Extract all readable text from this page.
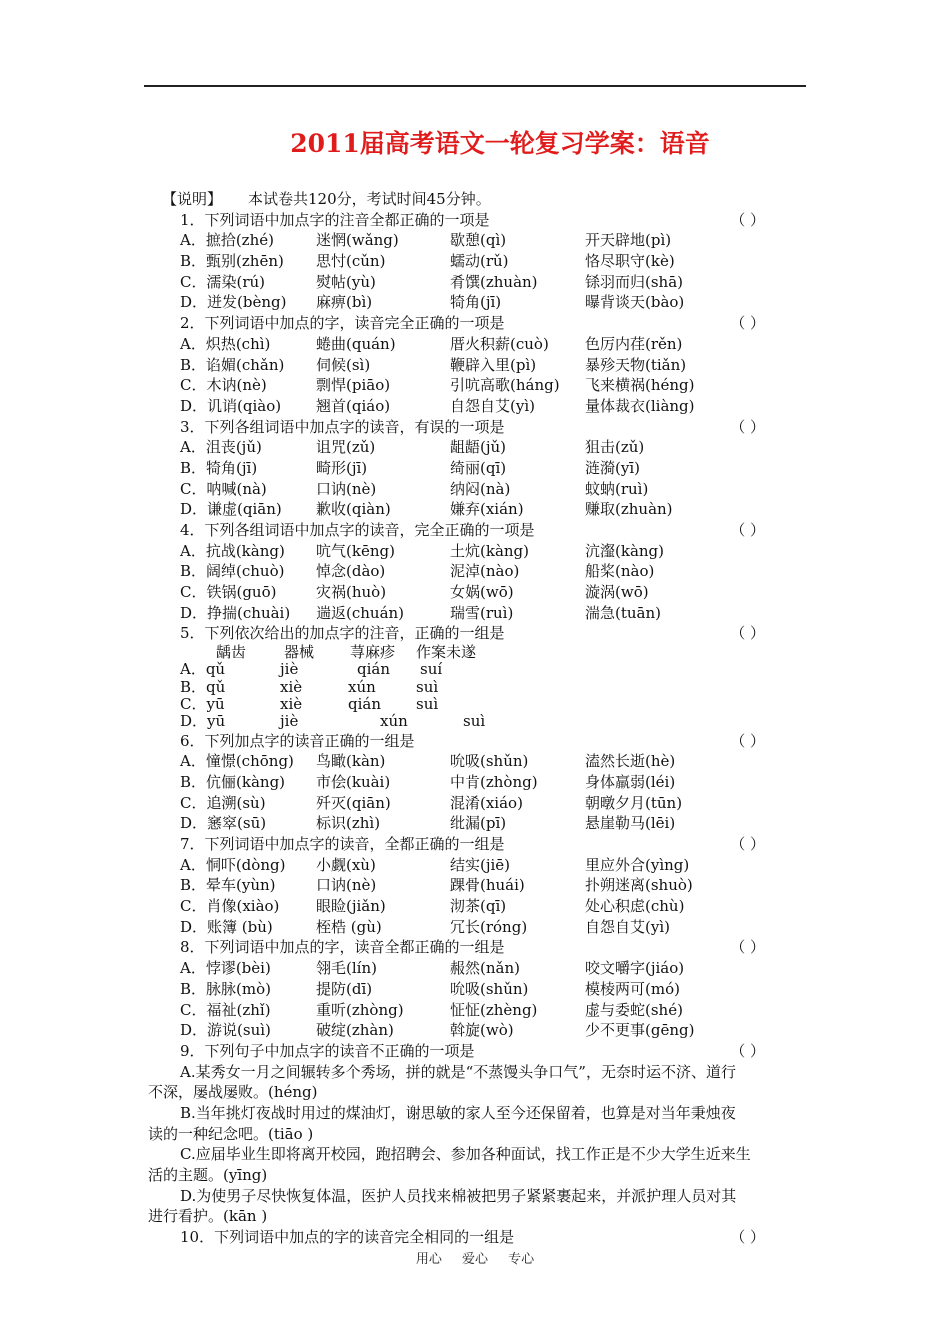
2011届高考语文一轮复习学案：语音
【说明】 本试卷共120分，考试时间45分钟。
1．下列词语中加点字的注音全都正确的一项是	（ ）
A．摭拾(zhé)	迷惘(wǎng)	歇憩(qì)	开天辟地(pì)
B．甄别(zhēn) 思忖(cǔn)	蠕动(rǔ)	恪尽职守(kè)
C．濡染(rú)	熨帖(yù)	肴馔(zhuàn)	铩羽而归(shā)
D．迸发(bèng) 麻痹(bì)	犄角(jī)	曝背谈天(bào)
2．下列词语中加点的字，读音完全正确的一项是	（ ）
A．炽热(chì)	蜷曲(quán)	厝火积薪(cuò) 色厉内荏(rěn)
B．谄媚(chǎn) 伺候(sì)	鞭辟入里(pì)	暴殄天物(tiǎn)
C．木讷(nè)	剽悍(piāo)	引吭高歌(háng) 飞来横祸(héng)
D．讥诮(qiào) 翘首(qiáo)	自怨自艾(yì)	量体裁衣(liàng)
3．下列各组词语中加点字的读音，有误的一项是	（ ）
A．沮丧(jǔ)	诅咒(zǔ)	龃龉(jǔ)	狙击(zǔ)
B．犄角(jī)	畸形(jī)	绮丽(qī)	涟漪(yī)
C．呐喊(nà)	口讷(nè)	纳闷(nà)	蚊蚋(ruì)
D．谦虚(qiān) 歉收(qiàn)	嫌弃(xián)	赚取(zhuàn)
4．下列各组词语中加点字的读音，完全正确的一项是	（ ）
A．抗战(kàng) 吭气(kēng)	土炕(kàng)	沆瀣(kàng)
B．阔绰(chuò) 悼念(dào)	泥淖(nào)	船桨(nào)
C．铁锅(guō)	灾祸(huò)	女娲(wō)	漩涡(wō)
D．挣揣(chuài) 遄返(chuán)	瑞雪(ruì)	湍急(tuān)
5．下列依次给出的加点字的注音，正确的一组是	（ ）
龋齿	器械 荨麻疹 作案未遂
A．qǔ	jiè	qián suí
B．qǔ	xiè	xún	suì
C．yū	xiè	qián suì
D．yū	jiè	xún	suì
6．下列加点字的读音正确的一组是	（ ）
A．憧憬(chōng) 鸟瞰(kàn)	吮吸(shǔn)	溘然长逝(hè)
B．伉俪(kàng) 市侩(kuài)	中肯(zhòng)	身体羸弱(léi)
C．追溯(sù)	歼灭(qiān)	混淆(xiáo)	朝暾夕月(tūn)
D．窸窣(sū)	标识(zhì)	纰漏(pī)	悬崖勒马(lēi)
7．下列词语中加点字的读音，全都正确的一组是	（ ）
A．恫吓(dòng) 小觑(xù)	结实(jiē)	里应外合(yìng)
B．晕车(yùn)	口讷(nè)	踝骨(huái)	扑朔迷离(shuò)
C．肖像(xiào) 眼睑(jiǎn)	沏茶(qī)	处心积虑(chù)
D．账簿 (bù)	桎梏 (gù)	冗长(róng)	自怨自艾(yì)
8．下列词语中加点的字，读音全都正确的一组是	（ ）
A．悖谬(bèi)	翎毛(lín)	赧然(nǎn)	咬文嚼字(jiáo)
B．脉脉(mò)	提防(dī)	吮吸(shǔn)	模棱两可(mó)
C．福祉(zhǐ)	重听(zhòng)	怔怔(zhèng)	虚与委蛇(shé)
D．游说(suì)	破绽(zhàn)	斡旋(wò)	少不更事(gēng)
9．下列句子中加点字的读音不正确的一项是	（ ）
A.某秀女一月之间辗转多个秀场，拼的就是“不蒸馒头争口气”，无奈时运不济、道行
不深，屡战屡败。(héng)
B.当年挑灯夜战时用过的煤油灯，谢思敏的家人至今还保留着，也算是对当年秉烛夜
读的一种纪念吧。(tiāo )
C.应届毕业生即将离开校园，跑招聘会、参加各种面试，找工作正是不少大学生近来生
活的主题。(yīng)
D.为使男子尽快恢复体温，医护人员找来棉被把男子紧紧裹起来，并派护理人员对其
进行看护。(kān )
10．下列词语中加点的字的读音完全相同的一组是	（ ）
用心 爱心 专心
